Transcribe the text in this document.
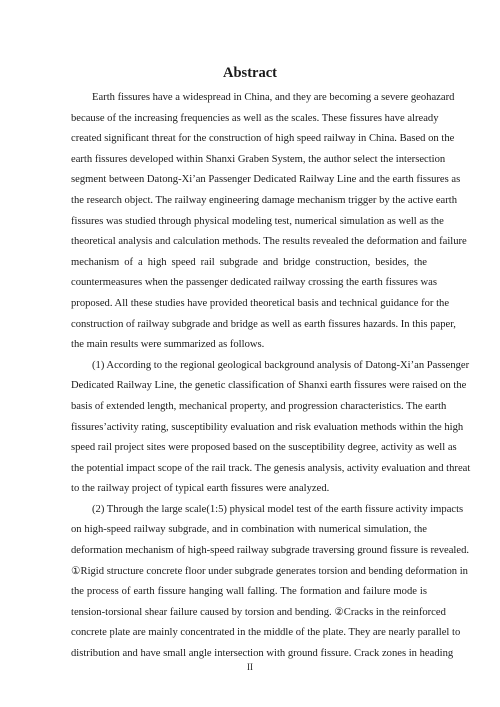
Abstract
Earth fissures have a widespread in China, and they are becoming a severe geohazard
because of the increasing frequencies as well as the scales. These fissures have already
created significant threat for the construction of high speed railway in China. Based on the
earth fissures developed within Shanxi Graben System, the author select the intersection
segment between Datong-Xi’an Passenger Dedicated Railway Line and the earth fissures as
the research object. The railway engineering damage mechanism trigger by the active earth
fissures was studied through physical modeling test, numerical simulation as well as the
theoretical analysis and calculation methods. The results revealed the deformation and failure
mechanism of a high speed rail subgrade and bridge construction, besides, the
countermeasures when the passenger dedicated railway crossing the earth fissures was
proposed. All these studies have provided theoretical basis and technical guidance for the
construction of railway subgrade and bridge as well as earth fissures hazards. In this paper,
the main results were summarized as follows.
(1) According to the regional geological background analysis of Datong-Xi’an Passenger
Dedicated Railway Line, the genetic classification of Shanxi earth fissures were raised on the
basis of extended length, mechanical property, and progression characteristics. The earth
fissures’activity rating, susceptibility evaluation and risk evaluation methods within the high
speed rail project sites were proposed based on the susceptibility degree, activity as well as
the potential impact scope of the rail track. The genesis analysis, activity evaluation and threat
to the railway project of typical earth fissures were analyzed.
(2) Through the large scale(1:5) physical model test of the earth fissure activity impacts
on high-speed railway subgrade, and in combination with numerical simulation, the
deformation mechanism of high-speed railway subgrade traversing ground fissure is revealed.
①Rigid structure concrete floor under subgrade generates torsion and bending deformation in
the process of earth fissure hanging wall falling. The formation and failure mode is
tension-torsional shear failure caused by torsion and bending. ②Cracks in the reinforced
concrete plate are mainly concentrated in the middle of the plate. They are nearly parallel to
distribution and have small angle intersection with ground fissure. Crack zones in heading
II
